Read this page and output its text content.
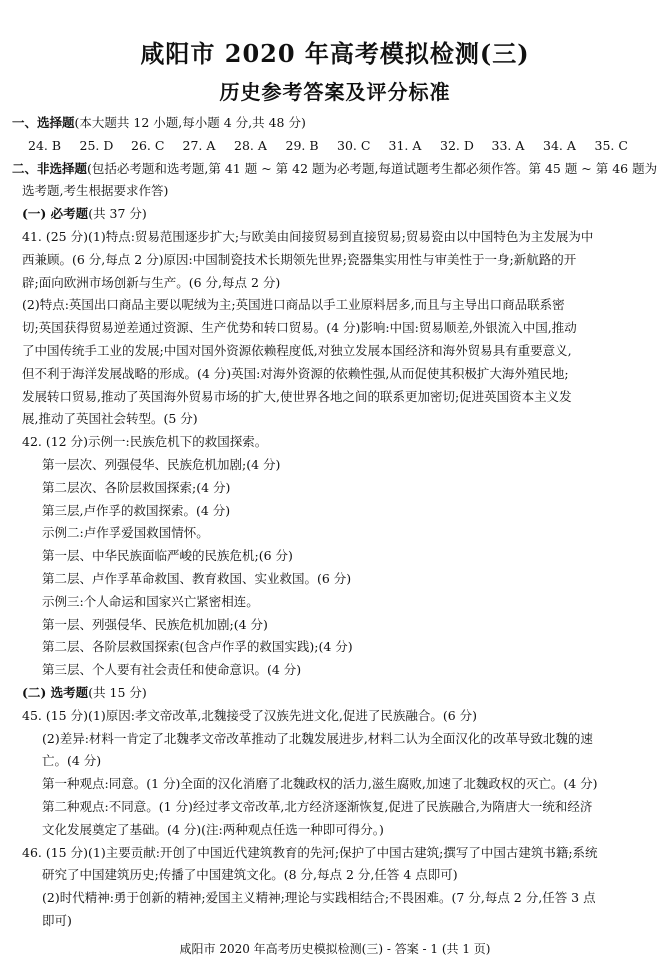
咸阳市 2020 年高考模拟检测(三)
历史参考答案及评分标准

一、选择题(本大题共 12 小题,每小题 4 分,共 48 分)

24. B	25. D	26. C	27. A	28. A	29. B	30. C	31. A	32. D	33. A	34. A	35. C

二、非选择题(包括必考题和选考题,第 41 题 ~ 第 42 题为必考题,每道试题考生都必须作答。第 45 题 ~ 第 46 题为

选考题,考生根据要求作答)

(一) 必考题(共 37 分)

41. (25 分)(1)特点:贸易范围逐步扩大;与欧美由间接贸易到直接贸易;贸易瓷由以中国特色为主发展为中

西兼顾。(6 分,每点 2 分)原因:中国制瓷技术长期领先世界;瓷器集实用性与审美性于一身;新航路的开

辟;面向欧洲市场创新与生产。(6 分,每点 2 分)

(2)特点:英国出口商品主要以呢绒为主;英国进口商品以手工业原料居多,而且与主导出口商品联系密

切;英国获得贸易逆差通过资源、生产优势和转口贸易。(4 分)影响:中国:贸易顺差,外银流入中国,推动

了中国传统手工业的发展;中国对国外资源依赖程度低,对独立发展本国经济和海外贸易具有重要意义,

但不利于海洋发展战略的形成。(4 分)英国:对海外资源的依赖性强,从而促使其积极扩大海外殖民地;

发展转口贸易,推动了英国海外贸易市场的扩大,使世界各地之间的联系更加密切;促进英国资本主义发

展,推动了英国社会转型。(5 分)

42. (12 分)示例一:民族危机下的救国探索。

第一层次、列强侵华、民族危机加剧;(4 分)

第二层次、各阶层救国探索;(4 分)

第三层,卢作孚的救国探索。(4 分)

示例二:卢作孚爱国救国情怀。

第一层、中华民族面临严峻的民族危机;(6 分)

第二层、卢作孚革命救国、教育救国、实业救国。(6 分)

示例三:个人命运和国家兴亡紧密相连。

第一层、列强侵华、民族危机加剧;(4 分)

第二层、各阶层救国探索(包含卢作孚的救国实践);(4 分)

第三层、个人要有社会责任和使命意识。(4 分)

(二) 选考题(共 15 分)

45. (15 分)(1)原因:孝文帝改革,北魏接受了汉族先进文化,促进了民族融合。(6 分)

(2)差异:材料一肯定了北魏孝文帝改革推动了北魏发展进步,材料二认为全面汉化的改革导致北魏的速

亡。(4 分)

第一种观点:同意。(1 分)全面的汉化消磨了北魏政权的活力,滋生腐败,加速了北魏政权的灭亡。(4 分)

第二种观点:不同意。(1 分)经过孝文帝改革,北方经济逐渐恢复,促进了民族融合,为隋唐大一统和经济

文化发展奠定了基础。(4 分)(注:两种观点任选一种即可得分。)

46. (15 分)(1)主要贡献:开创了中国近代建筑教育的先河;保护了中国古建筑;撰写了中国古建筑书籍;系统

研究了中国建筑历史;传播了中国建筑文化。(8 分,每点 2 分,任答 4 点即可)

(2)时代精神:勇于创新的精神;爱国主义精神;理论与实践相结合;不畏困难。(7 分,每点 2 分,任答 3 点

即可)

咸阳市 2020 年高考历史模拟检测(三) - 答案 - 1 (共 1 页)
